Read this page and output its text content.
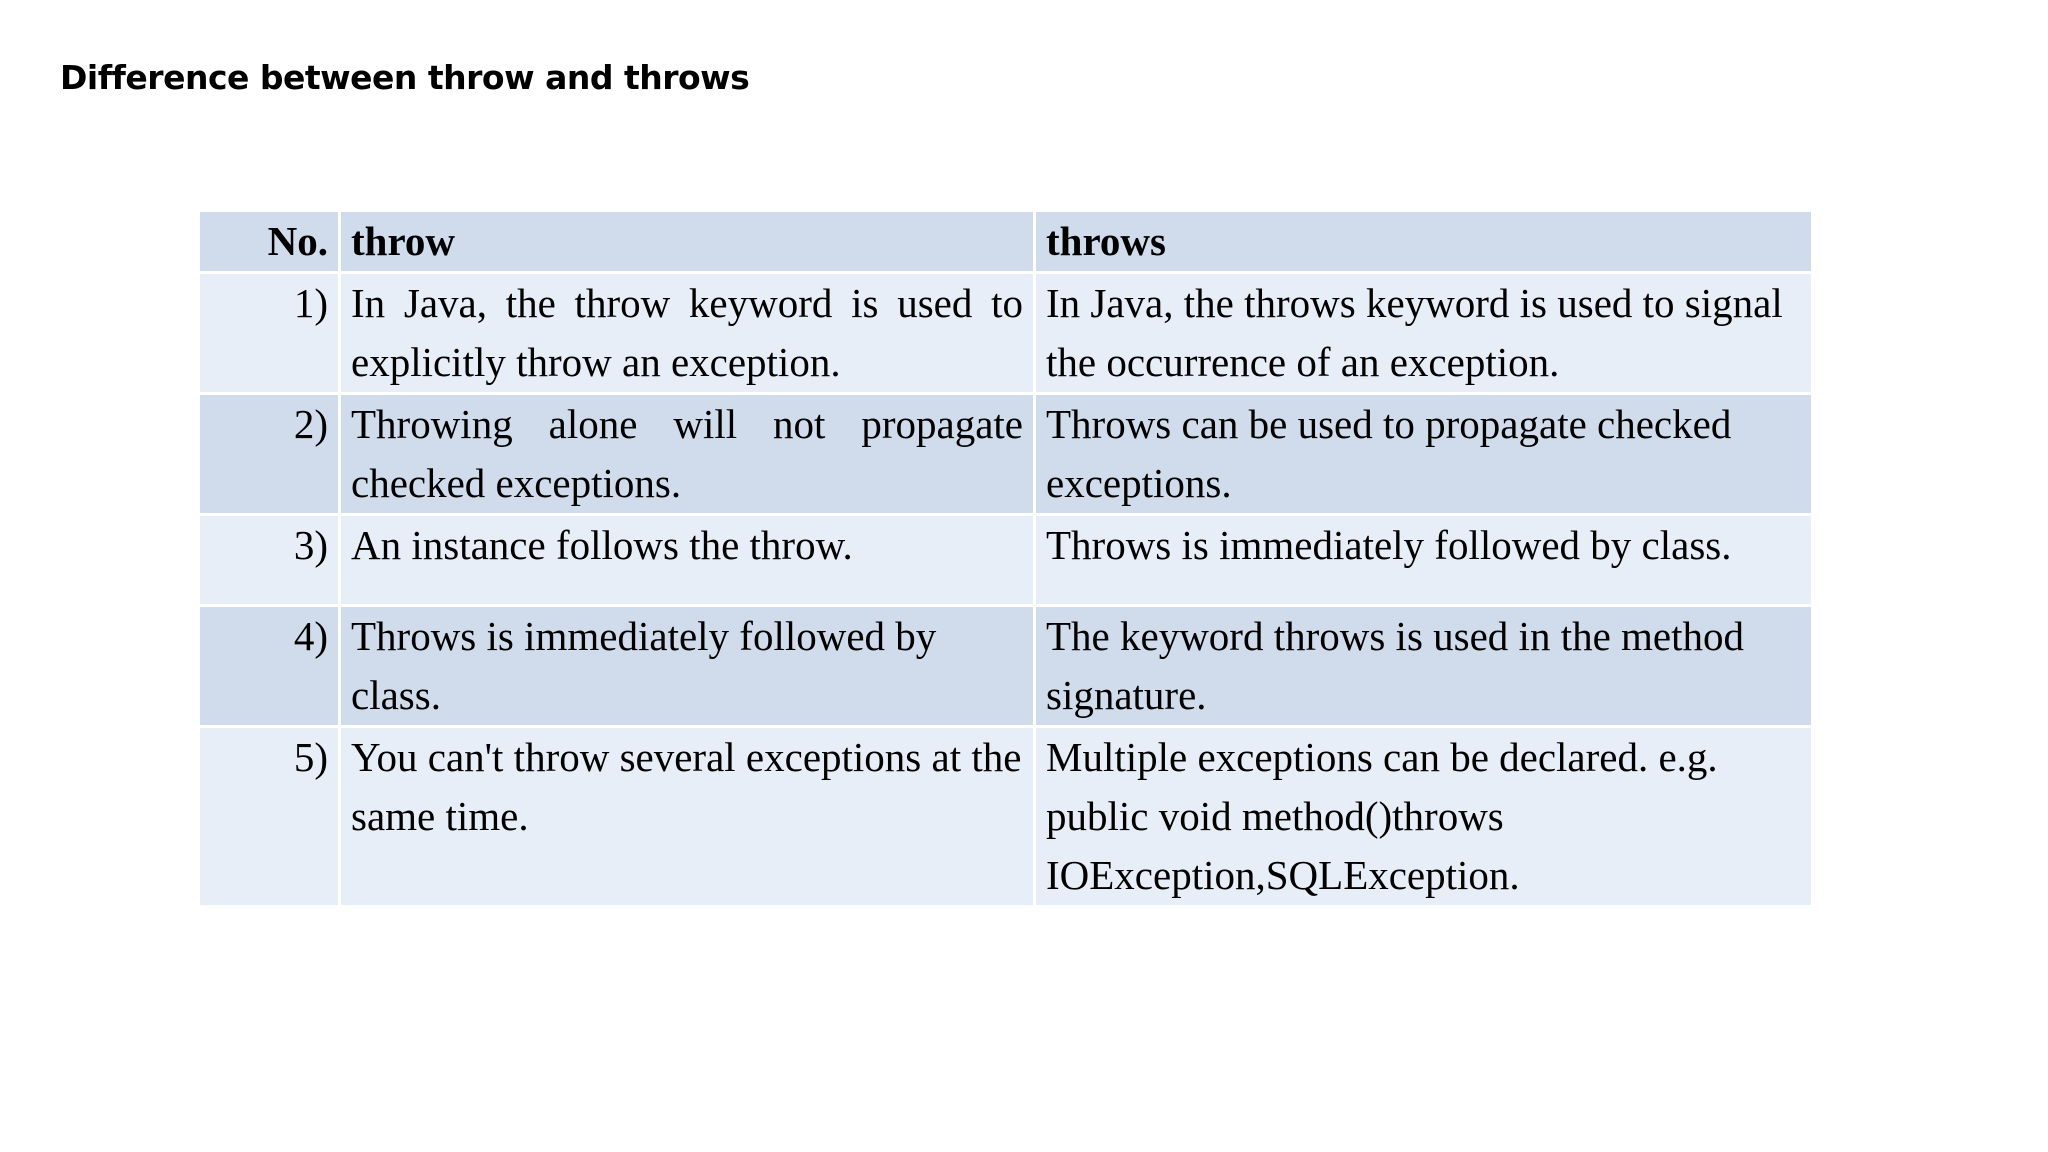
Difference between throw and throws
No.	throw	throws
1)	In Java, the throw keyword is used to explicitly throw an exception.	In Java, the throws keyword is used to signal the occurrence of an exception.
2)	Throwing alone will not propagate checked exceptions.	Throws can be used to propagate checked exceptions.
3)	An instance follows the throw.	Throws is immediately followed by class.
4)	Throws is immediately followed by class.	The keyword throws is used in the method signature.
5)	You can't throw several exceptions at the same time.	Multiple exceptions can be declared. e.g. public void method()throws IOException,SQLException.
